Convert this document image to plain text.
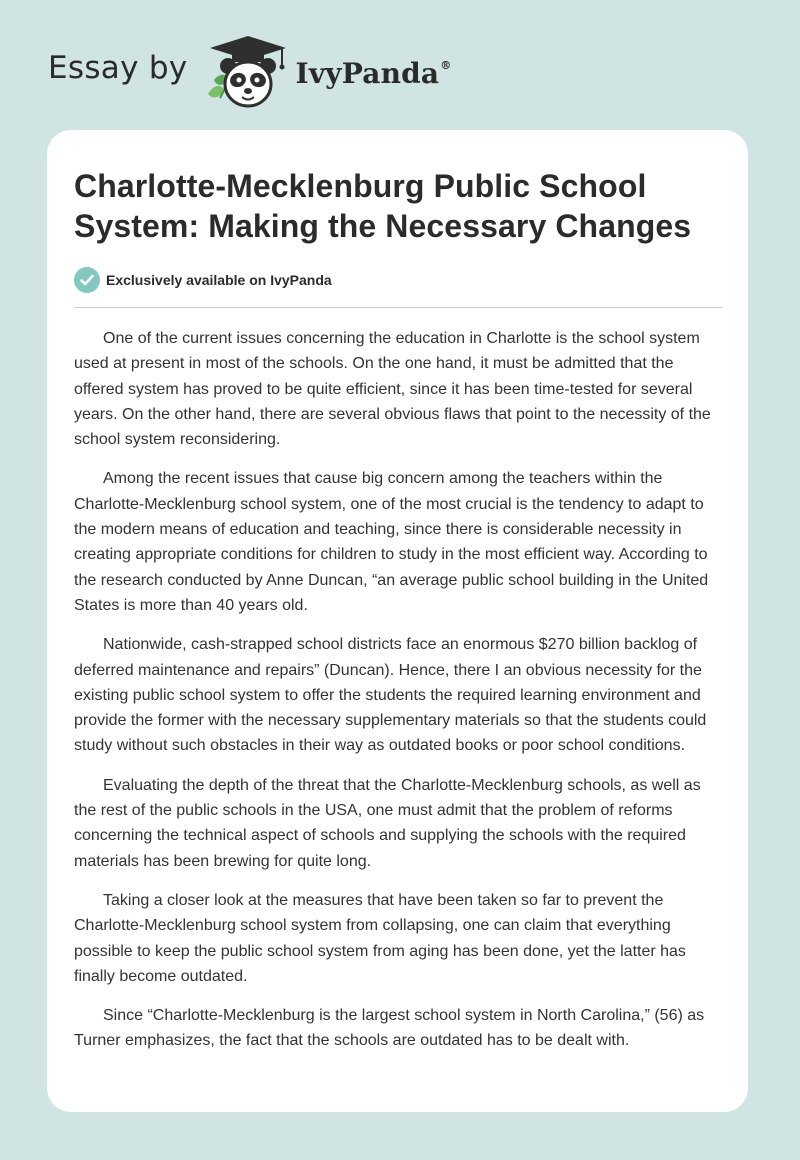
Essay by	IvyPanda®
Charlotte-Mecklenburg Public School System: Making the Necessary Changes
Exclusively available on IvyPanda

One of the current issues concerning the education in Charlotte is the school system used at present in most of the schools. On the one hand, it must be admitted that the offered system has proved to be quite efficient, since it has been time-tested for several years. On the other hand, there are several obvious flaws that point to the necessity of the school system reconsidering.

Among the recent issues that cause big concern among the teachers within the Charlotte-Mecklenburg school system, one of the most crucial is the tendency to adapt to the modern means of education and teaching, since there is considerable necessity in creating appropriate conditions for children to study in the most efficient way. According to the research conducted by Anne Duncan, “an average public school building in the United States is more than 40 years old.

Nationwide, cash-strapped school districts face an enormous $270 billion backlog of deferred maintenance and repairs” (Duncan). Hence, there I an obvious necessity for the existing public school system to offer the students the required learning environment and provide the former with the necessary supplementary materials so that the students could study without such obstacles in their way as outdated books or poor school conditions.

Evaluating the depth of the threat that the Charlotte-Mecklenburg schools, as well as the rest of the public schools in the USA, one must admit that the problem of reforms concerning the technical aspect of schools and supplying the schools with the required materials has been brewing for quite long.

Taking a closer look at the measures that have been taken so far to prevent the Charlotte-Mecklenburg school system from collapsing, one can claim that everything possible to keep the public school system from aging has been done, yet the latter has finally become outdated.

Since “Charlotte-Mecklenburg is the largest school system in North Carolina,” (56) as Turner emphasizes, the fact that the schools are outdated has to be dealt with.
